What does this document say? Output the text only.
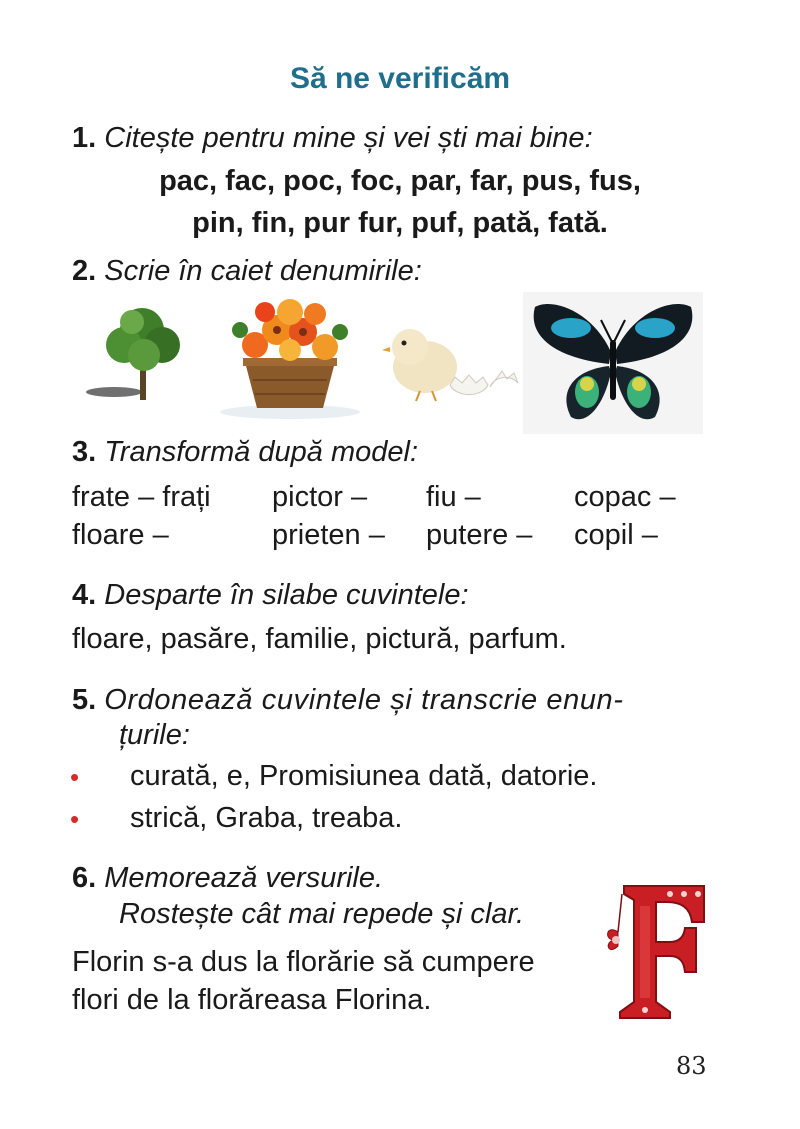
Să ne verificăm
1. Citește pentru mine și vei ști mai bine:
pac, fac, poc, foc, par, far, pus, fus,
pin, fin, pur fur, puf, pată, fată.
2. Scrie în caiet denumirile:
3. Transformă după model:
frate – frați pictor – fiu –	copac –
floare –	prieten – putere – copil –
4. Desparte în silabe cuvintele:
floare, pasăre, familie, pictură, parfum.
5. Ordonează cuvintele și transcrie enun-
țurile:
• curată, e, Promisiunea dată, datorie.
• strică, Graba, treaba.
6. Memorează versurile.
Rostește cât mai repede și clar.
Florin s-a dus la florărie să cumpere
flori de la florăreasa Florina.
83
